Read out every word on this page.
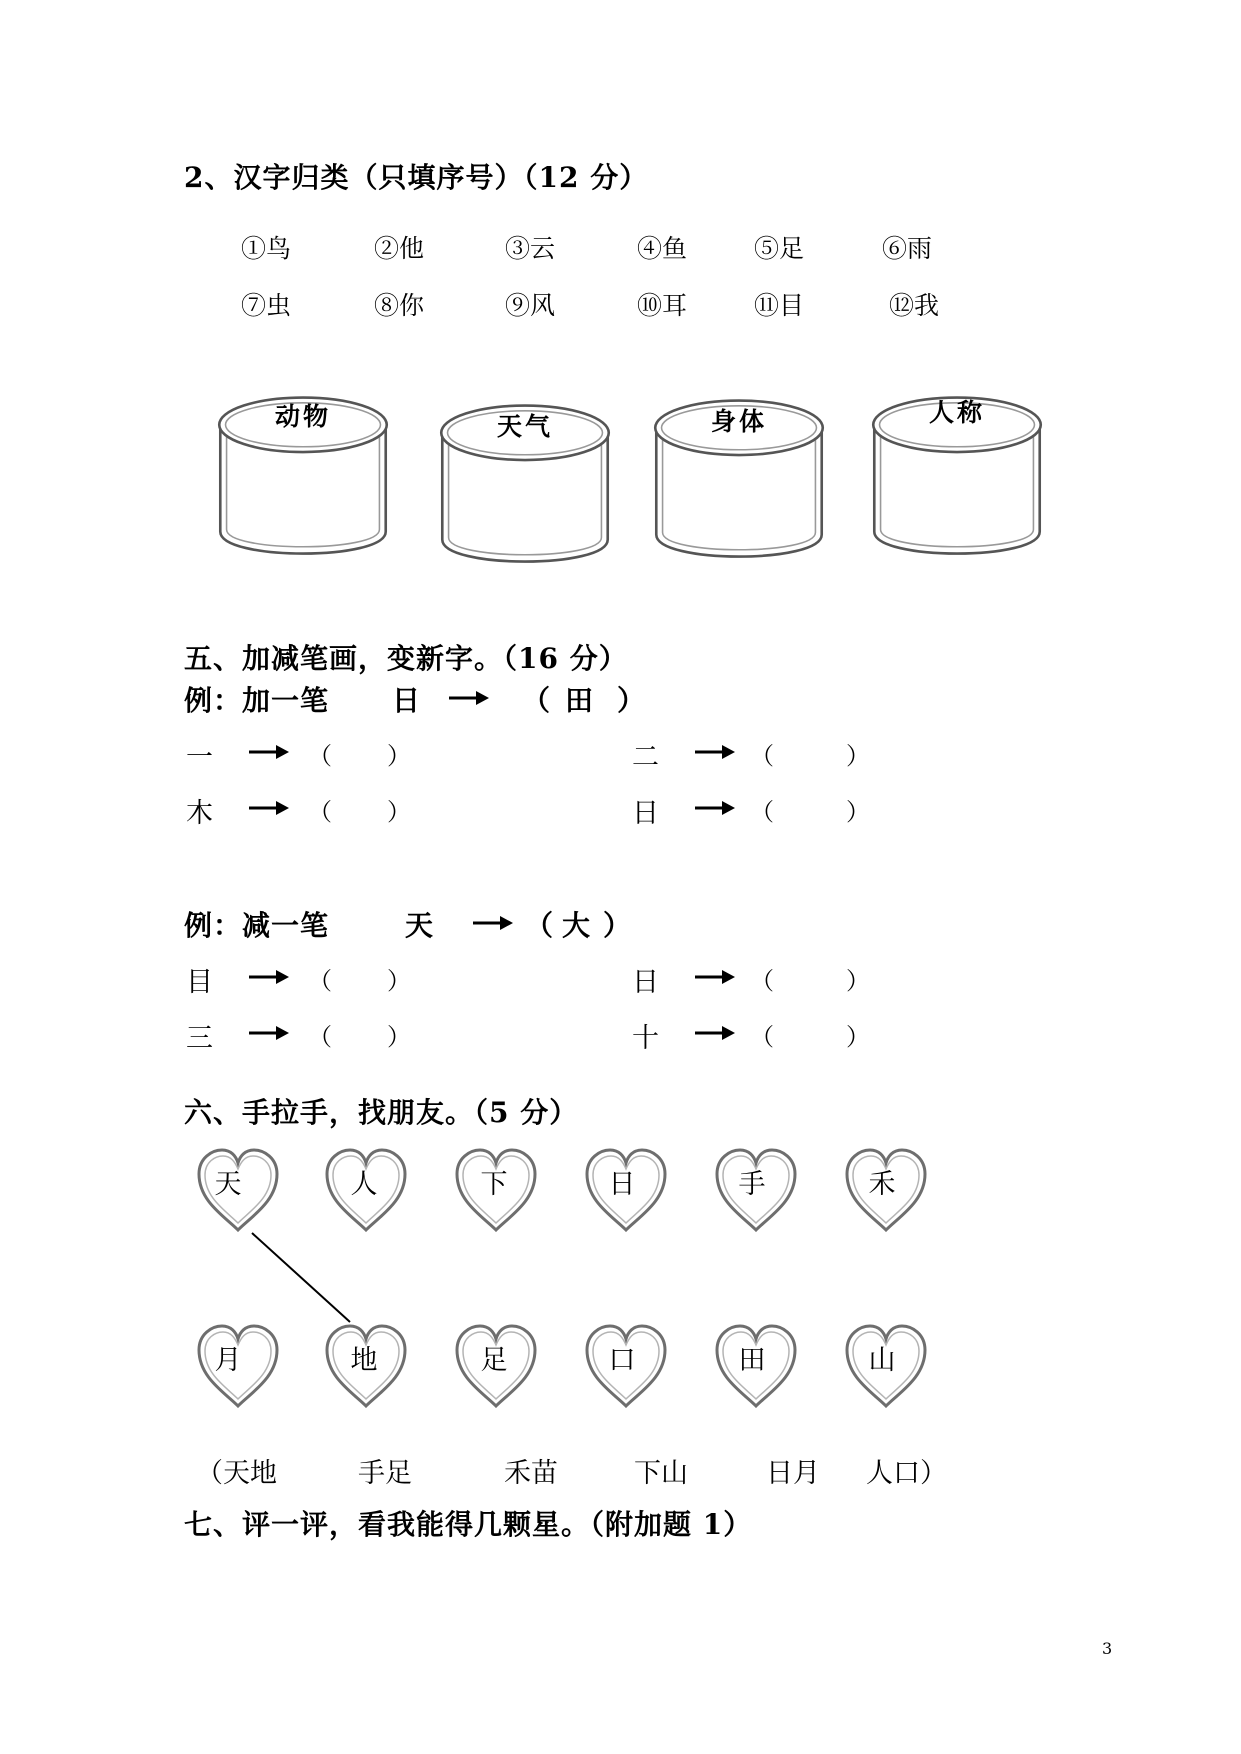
2、汉字归类（只填序号）（12 分）
①鸟	②他	③云	④鱼	⑤足	⑥雨
⑦虫	⑧你	⑨风	⑩耳	⑪目	⑫我
动物	天气	身体	人称
五、加减笔画，变新字。（16 分）
例：加一笔 日	（ 田 ）
一	（ ）	二	（	）
木	（ ）	日	（	）
例：减一笔	天	（ 大 ）
目	（ ）	日	（	）
三	（ ）	十	（	）
六、手拉手，找朋友。（5 分）
天	人	下	日	手	禾
月	地	足	口	田	山
（天地	手足	禾苗	下山	日月 人口）
七、评一评，看我能得几颗星。（附加题 1）
3
